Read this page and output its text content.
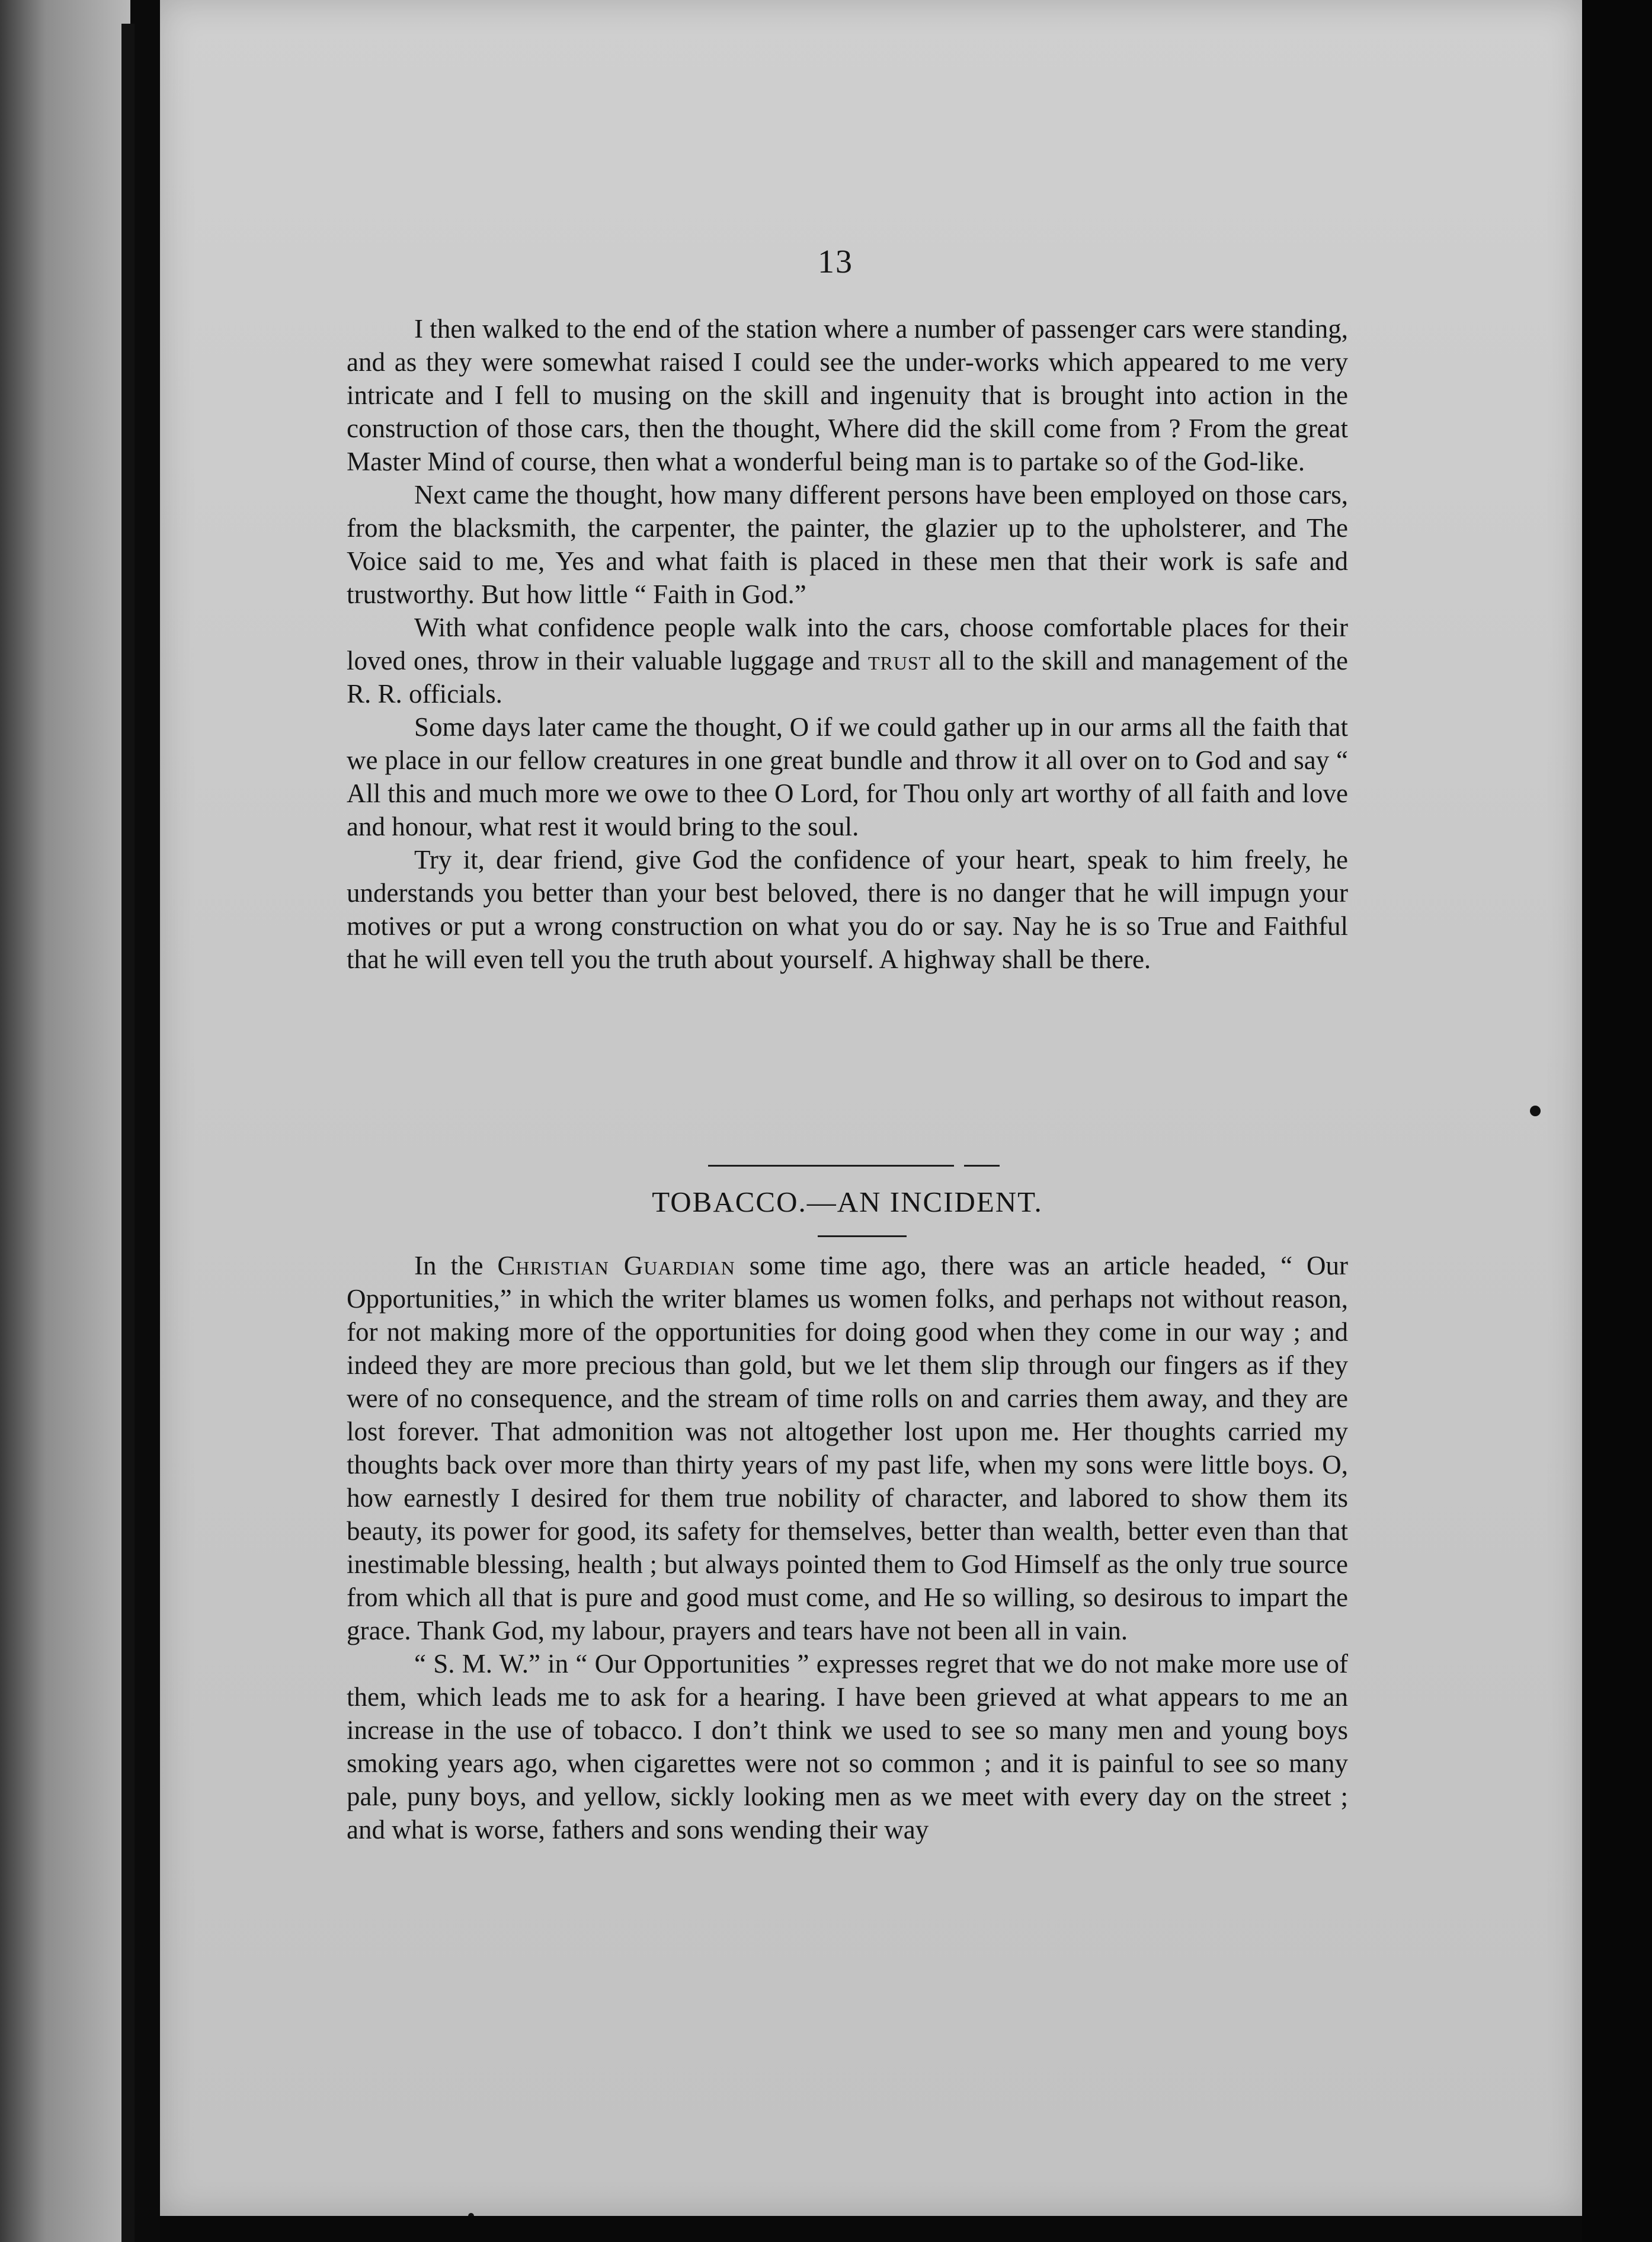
13

I then walked to the end of the station where a number of passenger cars were standing, and as they were somewhat raised I could see the under-works which appeared to me very intricate and I fell to musing on the skill and ingenuity that is brought into action in the construction of those cars, then the thought, Where did the skill come from ? From the great Master Mind of course, then what a wonderful being man is to partake so of the God-like.

Next came the thought, how many different persons have been employed on those cars, from the blacksmith, the carpenter, the painter, the glazier up to the upholsterer, and The Voice said to me, Yes and what faith is placed in these men that their work is safe and trustworthy. But how little “ Faith in God.”

With what confidence people walk into the cars, choose comfortable places for their loved ones, throw in their valuable luggage and trust all to the skill and management of the R. R. officials.

Some days later came the thought, O if we could gather up in our arms all the faith that we place in our fellow creatures in one great bundle and throw it all over on to God and say “ All this and much more we owe to thee O Lord, for Thou only art worthy of all faith and love and honour, what rest it would bring to the soul.

Try it, dear friend, give God the confidence of your heart, speak to him freely, he understands you better than your best beloved, there is no danger that he will impugn your motives or put a wrong construction on what you do or say. Nay he is so True and Faithful that he will even tell you the truth about yourself. A highway shall be there.

TOBACCO.—AN INCIDENT.

In the Christian Guardian some time ago, there was an article headed, “ Our Opportunities,” in which the writer blames us women folks, and perhaps not without reason, for not making more of the opportunities for doing good when they come in our way ; and indeed they are more precious than gold, but we let them slip through our fingers as if they were of no consequence, and the stream of time rolls on and carries them away, and they are lost forever. That admonition was not altogether lost upon me. Her thoughts carried my thoughts back over more than thirty years of my past life, when my sons were little boys. O, how earnestly I desired for them true nobility of character, and labored to show them its beauty, its power for good, its safety for themselves, better than wealth, better even than that inestimable blessing, health ; but always pointed them to God Himself as the only true source from which all that is pure and good must come, and He so willing, so desirous to impart the grace. Thank God, my labour, prayers and tears have not been all in vain.

“ S. M. W.” in “ Our Opportunities ” expresses regret that we do not make more use of them, which leads me to ask for a hearing. I have been grieved at what appears to me an increase in the use of tobacco. I don’t think we used to see so many men and young boys smoking years ago, when cigarettes were not so common ; and it is painful to see so many pale, puny boys, and yellow, sickly looking men as we meet with every day on the street ; and what is worse, fathers and sons wending their way
